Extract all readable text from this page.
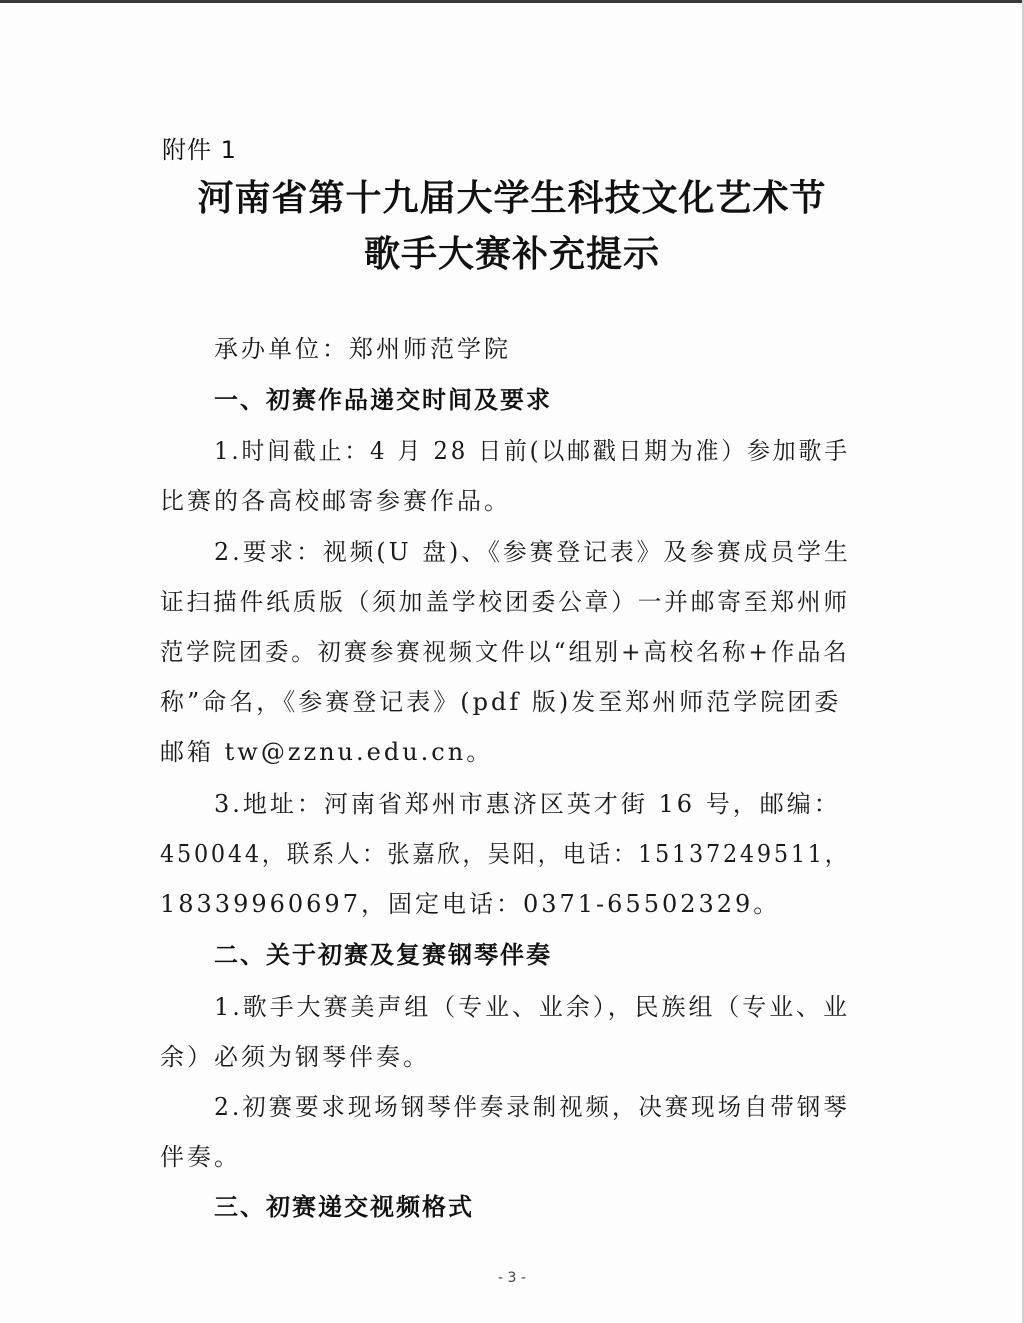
附件 1
河南省第十九届大学生科技文化艺术节
歌手大赛补充提示
承办单位：郑州师范学院
一、初赛作品递交时间及要求
1.时间截止：4 月 28 日前(以邮戳日期为准）参加歌手
比赛的各高校邮寄参赛作品。
2.要求：视频(U 盘)、《参赛登记表》及参赛成员学生
证扫描件纸质版（须加盖学校团委公章）一并邮寄至郑州师
范学院团委。初赛参赛视频文件以“组别+高校名称+作品名
称”命名，《参赛登记表》(pdf 版)发至郑州师范学院团委
邮箱 tw@zznu.edu.cn。
3.地址：河南省郑州市惠济区英才街 16 号，邮编：
450044，联系人：张嘉欣，吴阳，电话：15137249511，
18339960697，固定电话：0371-65502329。
二、关于初赛及复赛钢琴伴奏
1.歌手大赛美声组（专业、业余），民族组（专业、业
余）必须为钢琴伴奏。
2.初赛要求现场钢琴伴奏录制视频，决赛现场自带钢琴
伴奏。
三、初赛递交视频格式
- 3 -
